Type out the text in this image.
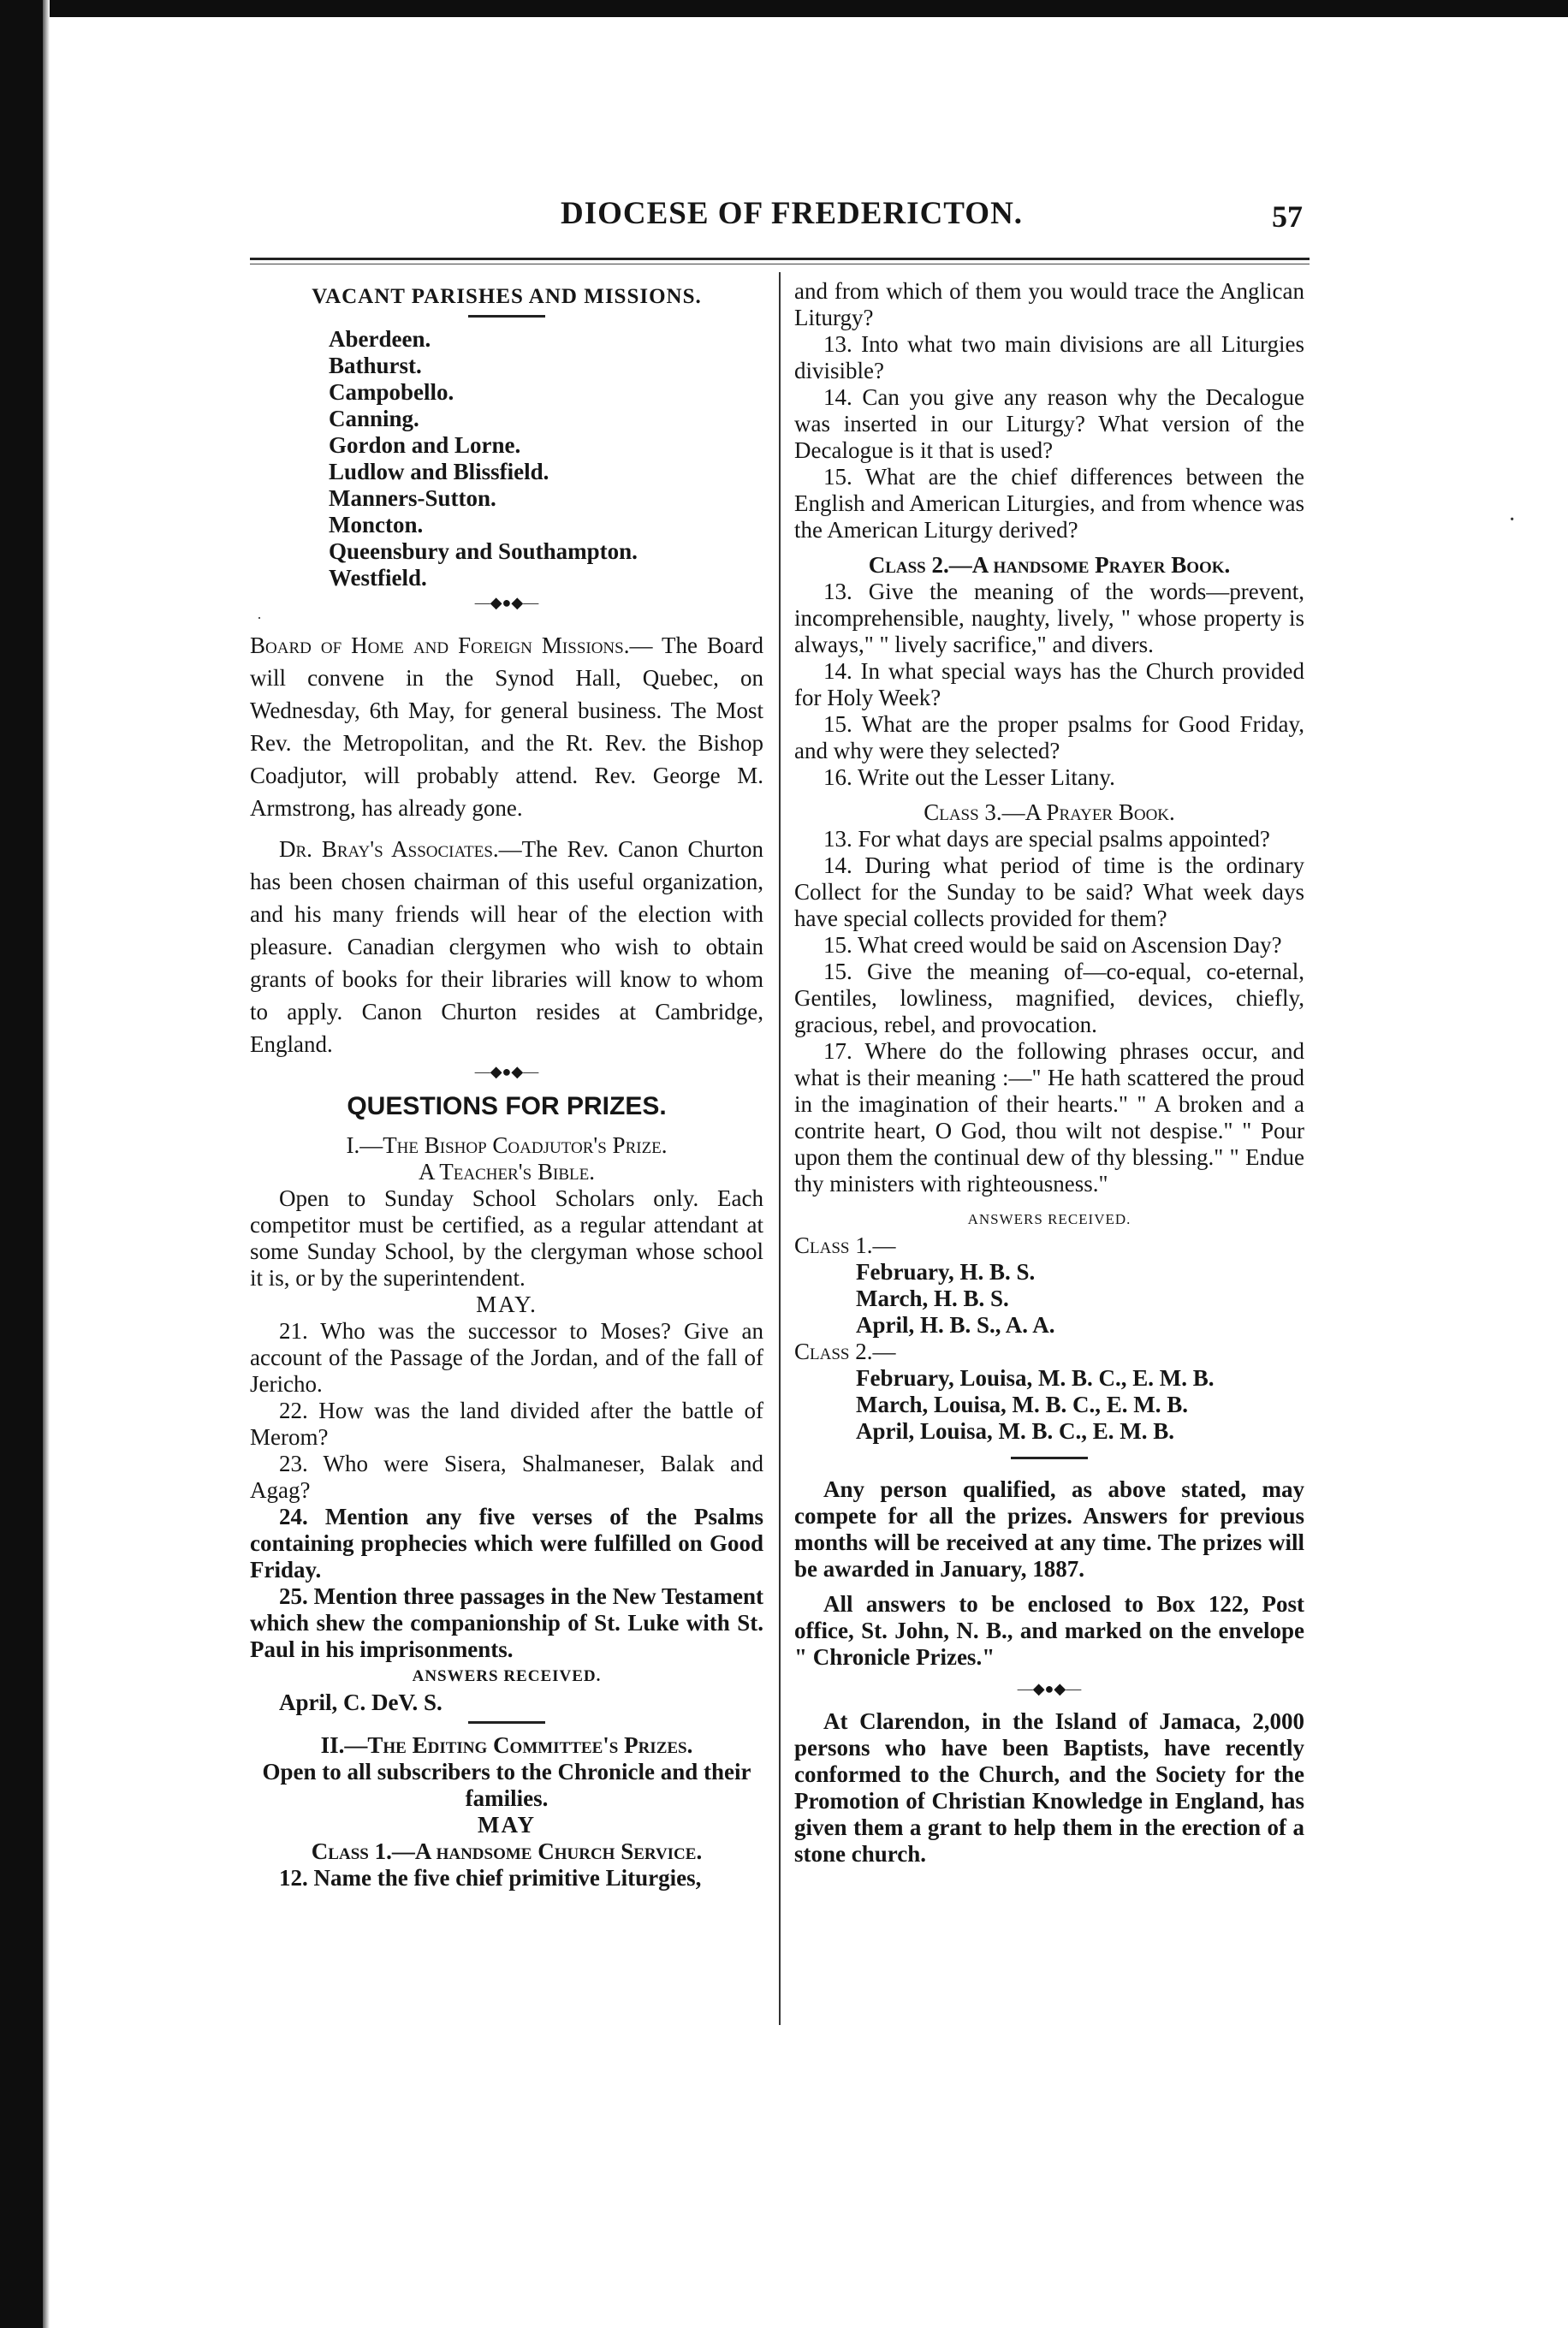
DIOCESE OF FREDERICTON.	57
·
·

VACANT PARISHES AND MISSIONS.

Aberdeen.

Bathurst.

Campobello.

Canning.

Gordon and Lorne.

Ludlow and Blissfield.

Manners-Sutton.

Moncton.

Queensbury and Southampton.

Westfield.

—◆●◆—

Board of Home and Foreign Missions.— The Board will convene in the Synod Hall, Quebec, on Wednesday, 6th May, for general business. The Most Rev. the Metropolitan, and the Rt. Rev. the Bishop Coadjutor, will probably attend. Rev. George M. Armstrong, has already gone.

Dr. Bray's Associates.—The Rev. Canon Churton has been chosen chairman of this useful organization, and his many friends will hear of the election with pleasure. Canadian clergymen who wish to obtain grants of books for their libraries will know to whom to apply. Canon Churton resides at Cambridge, England.

—◆●◆—

QUESTIONS FOR PRIZES.

I.—The Bishop Coadjutor's Prize.

A Teacher's Bible.

Open to Sunday School Scholars only. Each competitor must be certified, as a regular attendant at some Sunday School, by the clergyman whose school it is, or by the superintendent.

MAY.

21. Who was the successor to Moses? Give an account of the Passage of the Jordan, and of the fall of Jericho.

22. How was the land divided after the battle of Merom?

23. Who were Sisera, Shalmaneser, Balak and Agag?

24. Mention any five verses of the Psalms containing prophecies which were fulfilled on Good Friday.

25. Mention three passages in the New Testament which shew the companionship of St. Luke with St. Paul in his imprisonments.

ANSWERS RECEIVED.

April, C. DeV. S.

II.—The Editing Committee's Prizes.

Open to all subscribers to the Chronicle and their families.

MAY

Class 1.—A handsome Church Service.

12. Name the five chief primitive Liturgies,

and from which of them you would trace the Anglican Liturgy?

13. Into what two main divisions are all Liturgies divisible?

14. Can you give any reason why the Decalogue was inserted in our Liturgy? What version of the Decalogue is it that is used?

15. What are the chief differences between the English and American Liturgies, and from whence was the American Liturgy derived?

Class 2.—A handsome Prayer Book.

13. Give the meaning of the words—prevent, incomprehensible, naughty, lively, " whose property is always," " lively sacrifice," and divers.

14. In what special ways has the Church provided for Holy Week?

15. What are the proper psalms for Good Friday, and why were they selected?

16. Write out the Lesser Litany.

Class 3.—A Prayer Book.

13. For what days are special psalms appointed?

14. During what period of time is the ordinary Collect for the Sunday to be said? What week days have special collects provided for them?

15. What creed would be said on Ascension Day?

15. Give the meaning of—co-equal, co-eternal, Gentiles, lowliness, magnified, devices, chiefly, gracious, rebel, and provocation.

17. Where do the following phrases occur, and what is their meaning :—" He hath scattered the proud in the imagination of their hearts." " A broken and a contrite heart, O God, thou wilt not despise." " Pour upon them the continual dew of thy blessing." " Endue thy ministers with righteousness."

ANSWERS RECEIVED.

Class 1.—

February, H. B. S.

March, H. B. S.

April, H. B. S., A. A.

Class 2.—

February, Louisa, M. B. C., E. M. B.

March, Louisa, M. B. C., E. M. B.

April, Louisa, M. B. C., E. M. B.

Any person qualified, as above stated, may compete for all the prizes. Answers for previous months will be received at any time. The prizes will be awarded in January, 1887.

All answers to be enclosed to Box 122, Post office, St. John, N. B., and marked on the envelope " Chronicle Prizes."

—◆●◆—

At Clarendon, in the Island of Jamaca, 2,000 persons who have been Baptists, have recently conformed to the Church, and the Society for the Promotion of Christian Knowledge in England, has given them a grant to help them in the erection of a stone church.
